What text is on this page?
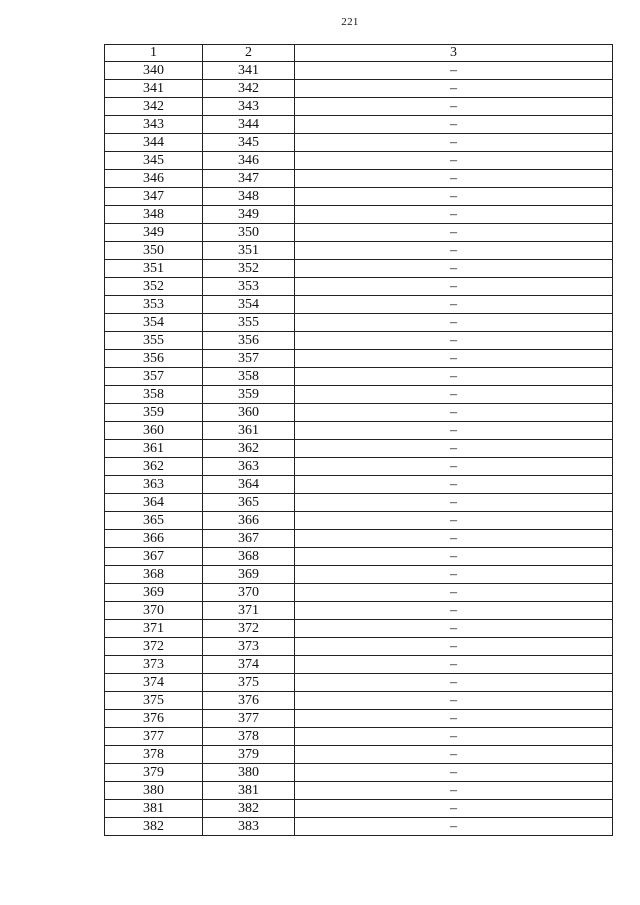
221
1	2	3
340	341	–
341	342	–
342	343	–
343	344	–
344	345	–
345	346	–
346	347	–
347	348	–
348	349	–
349	350	–
350	351	–
351	352	–
352	353	–
353	354	–
354	355	–
355	356	–
356	357	–
357	358	–
358	359	–
359	360	–
360	361	–
361	362	–
362	363	–
363	364	–
364	365	–
365	366	–
366	367	–
367	368	–
368	369	–
369	370	–
370	371	–
371	372	–
372	373	–
373	374	–
374	375	–
375	376	–
376	377	–
377	378	–
378	379	–
379	380	–
380	381	–
381	382	–
382	383	–
